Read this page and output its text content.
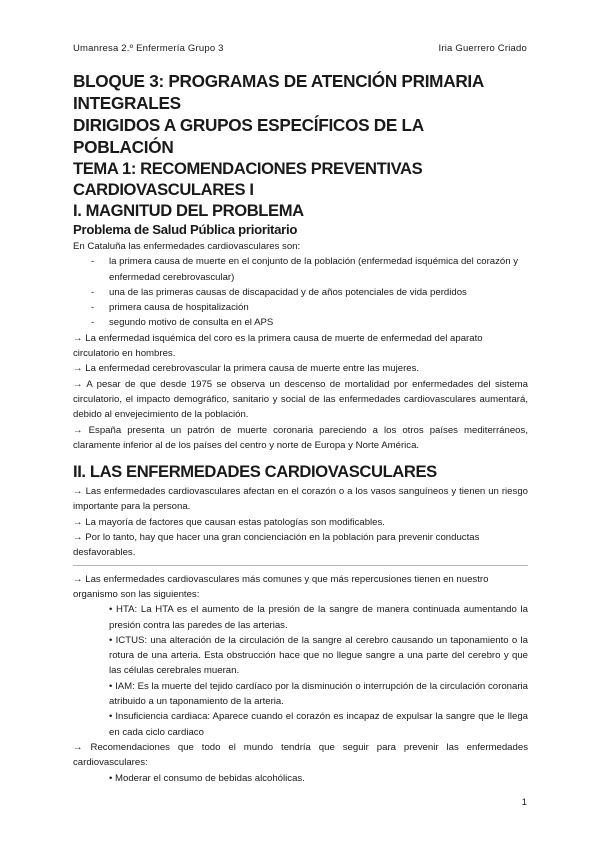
Umanresa 2.º Enfermería Grupo 3	Iria Guerrero Criado
BLOQUE 3: PROGRAMAS DE ATENCIÓN PRIMARIA INTEGRALES
DIRIGIDOS A GRUPOS ESPECÍFICOS DE LA POBLACIÓN
TEMA 1: RECOMENDACIONES PREVENTIVAS CARDIOVASCULARES I
I. MAGNITUD DEL PROBLEMA
Problema de Salud Pública prioritario

En Cataluña las enfermedades cardiovasculares son:

- la primera causa de muerte en el conjunto de la población (enfermedad isquémica del corazón y enfermedad cerebrovascular)
- una de las primeras causas de discapacidad y de años potenciales de vida perdidos
- primera causa de hospitalización
- segundo motivo de consulta en el APS

→ La enfermedad isquémica del coro es la primera causa de muerte de enfermedad del aparato circulatorio en hombres.

→ La enfermedad cerebrovascular la primera causa de muerte entre las mujeres.

→ A pesar de que desde 1975 se observa un descenso de mortalidad por enfermedades del sistema circulatorio, el impacto demográfico, sanitario y social de las enfermedades cardiovasculares aumentará, debido al envejecimiento de la población.

→ España presenta un patrón de muerte coronaria pareciendo a los otros países mediterráneos, claramente inferior al de los países del centro y norte de Europa y Norte América.

II. LAS ENFERMEDADES CARDIOVASCULARES

→ Las enfermedades cardiovasculares afectan en el corazón o a los vasos sanguíneos y tienen un riesgo importante para la persona.

→ La mayoría de factores que causan estas patologías son modificables.

→ Por lo tanto, hay que hacer una gran concienciación en la población para prevenir conductas desfavorables.

→ Las enfermedades cardiovasculares más comunes y que más repercusiones tienen en nuestro organismo son las siguientes:

• HTA: La HTA es el aumento de la presión de la sangre de manera continuada aumentando la presión contra las paredes de las arterias.

• ICTUS: una alteración de la circulación de la sangre al cerebro causando un taponamiento o la rotura de una arteria. Esta obstrucción hace que no llegue sangre a una parte del cerebro y que las células cerebrales mueran.

• IAM: Es la muerte del tejido cardíaco por la disminución o interrupción de la circulación coronaria atribuido a un taponamiento de la arteria.

• Insuficiencia cardiaca: Aparece cuando el corazón es incapaz de expulsar la sangre que le llega en cada ciclo cardiaco

→ Recomendaciones que todo el mundo tendría que seguir para prevenir las enfermedades cardiovasculares:

• Moderar el consumo de bebidas alcohólicas.

1
